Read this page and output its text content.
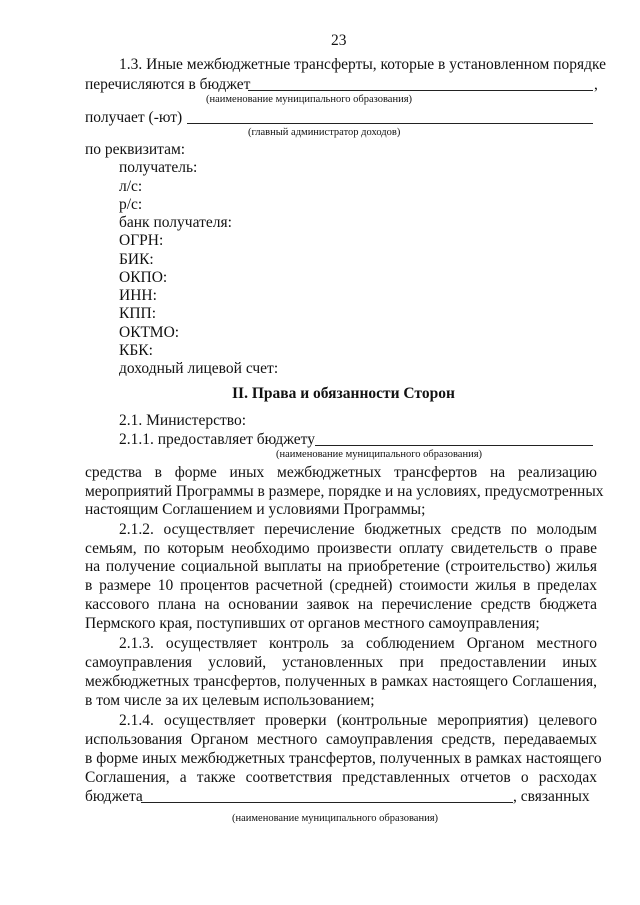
23
1.3. Иные межбюджетные трансферты, которые в установленном порядке
перечисляются в бюджет	,
(наименование муниципального образования)
получает (-ют)
(главный администратор доходов)
по реквизитам:
получатель:
л/с:
р/с:
банк получателя:
ОГРН:
БИК:
ОКПО:
ИНН:
КПП:
ОКТМО:
КБК:
доходный лицевой счет:
II. Права и обязанности Сторон
2.1. Министерство:
2.1.1. предоставляет бюджету
(наименование муниципального образования)
средства в форме иных межбюджетных трансфертов на реализацию
мероприятий Программы в размере, порядке и на условиях, предусмотренных
настоящим Соглашением и условиями Программы;
2.1.2. осуществляет перечисление бюджетных средств по молодым
семьям, по которым необходимо произвести оплату свидетельств о праве
на получение социальной выплаты на приобретение (строительство) жилья
в размере 10 процентов расчетной (средней) стоимости жилья в пределах
кассового плана на основании заявок на перечисление средств бюджета
Пермского края, поступивших от органов местного самоуправления;
2.1.3. осуществляет контроль за соблюдением Органом местного
самоуправления условий, установленных при предоставлении иных
межбюджетных трансфертов, полученных в рамках настоящего Соглашения,
в том числе за их целевым использованием;
2.1.4. осуществляет проверки (контрольные мероприятия) целевого
использования Органом местного самоуправления средств, передаваемых
в форме иных межбюджетных трансфертов, полученных в рамках настоящего
Соглашения, а также соответствия представленных отчетов о расходах
бюджета	, связанных
(наименование муниципального образования)
